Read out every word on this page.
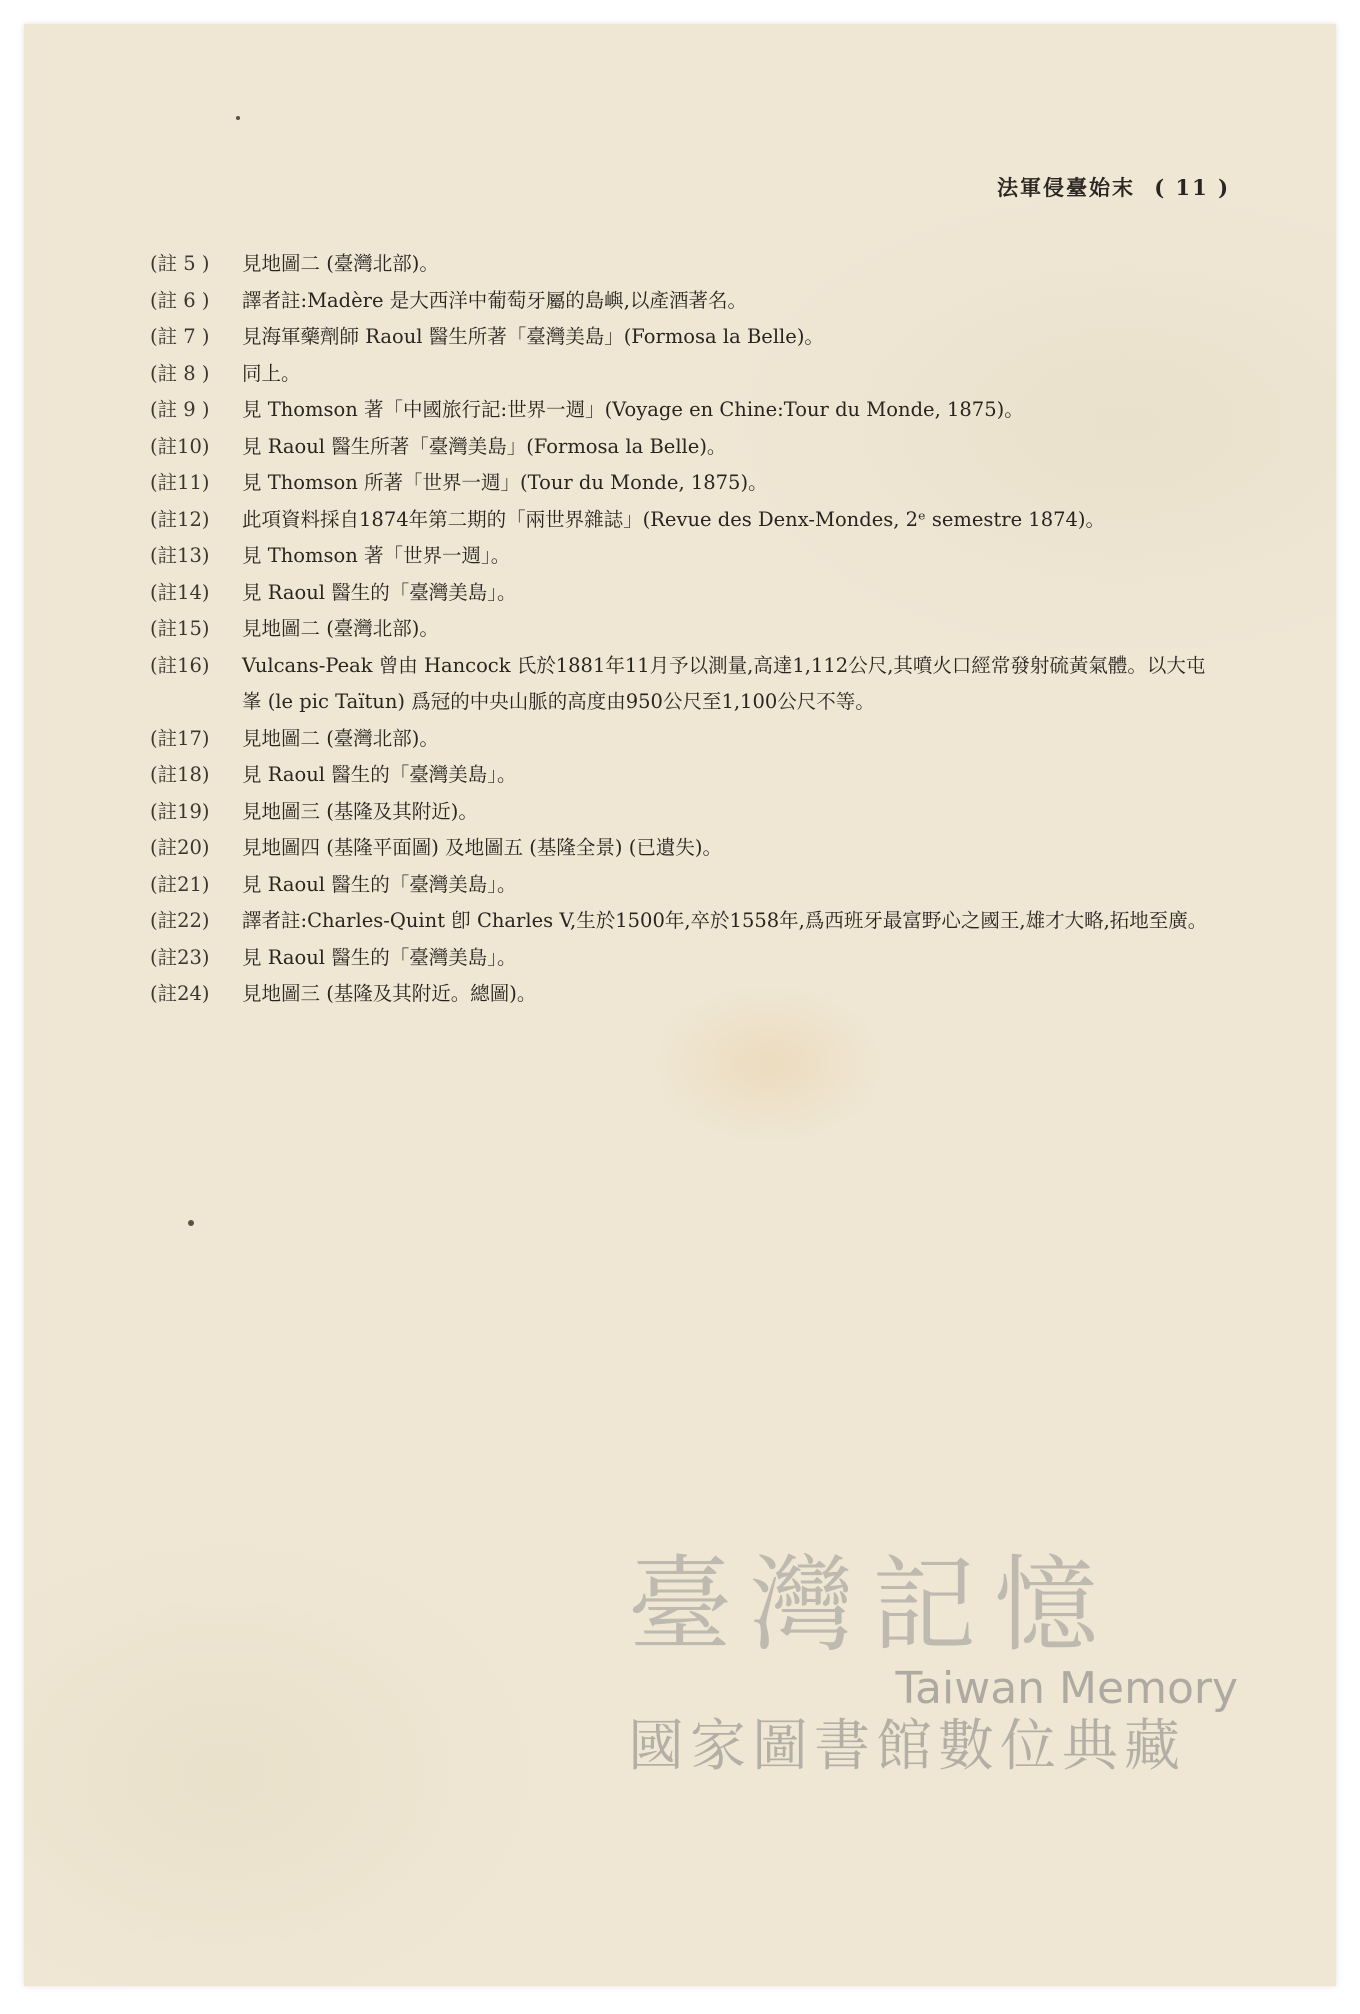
法軍侵臺始末 ( 11 )
(註 5 )	見地圖二 (臺灣北部)。
(註 6 )	譯者註:Madère 是大西洋中葡萄牙屬的島嶼,以產酒著名。
(註 7 )	見海軍藥劑師 Raoul 醫生所著「臺灣美島」(Formosa la Belle)。
(註 8 )	同上。
(註 9 )	見 Thomson 著「中國旅行記:世界一週」(Voyage en Chine:Tour du Monde, 1875)。
(註10)	見 Raoul 醫生所著「臺灣美島」(Formosa la Belle)。
(註11)	見 Thomson 所著「世界一週」(Tour du Monde, 1875)。
(註12)	此項資料採自1874年第二期的「兩世界雜誌」(Revue des Denx-Mondes, 2ᵉ semestre 1874)。
(註13)	見 Thomson 著「世界一週」。
(註14)	見 Raoul 醫生的「臺灣美島」。
(註15)	見地圖二 (臺灣北部)。
(註16)	Vulcans-Peak 曾由 Hancock 氏於1881年11月予以測量,高達1,112公尺,其噴火口經常發射硫黃氣體。以大屯峯 (le pic Taïtun) 爲冠的中央山脈的高度由950公尺至1,100公尺不等。
(註17)	見地圖二 (臺灣北部)。
(註18)	見 Raoul 醫生的「臺灣美島」。
(註19)	見地圖三 (基隆及其附近)。
(註20)	見地圖四 (基隆平面圖) 及地圖五 (基隆全景) (已遺失)。
(註21)	見 Raoul 醫生的「臺灣美島」。
(註22)	譯者註:Charles-Quint 卽 Charles V,生於1500年,卒於1558年,爲西班牙最富野心之國王,雄才大略,拓地至廣。
(註23)	見 Raoul 醫生的「臺灣美島」。
(註24)	見地圖三 (基隆及其附近。總圖)。
臺灣記憶
Taiwan Memory
國家圖書館數位典藏
